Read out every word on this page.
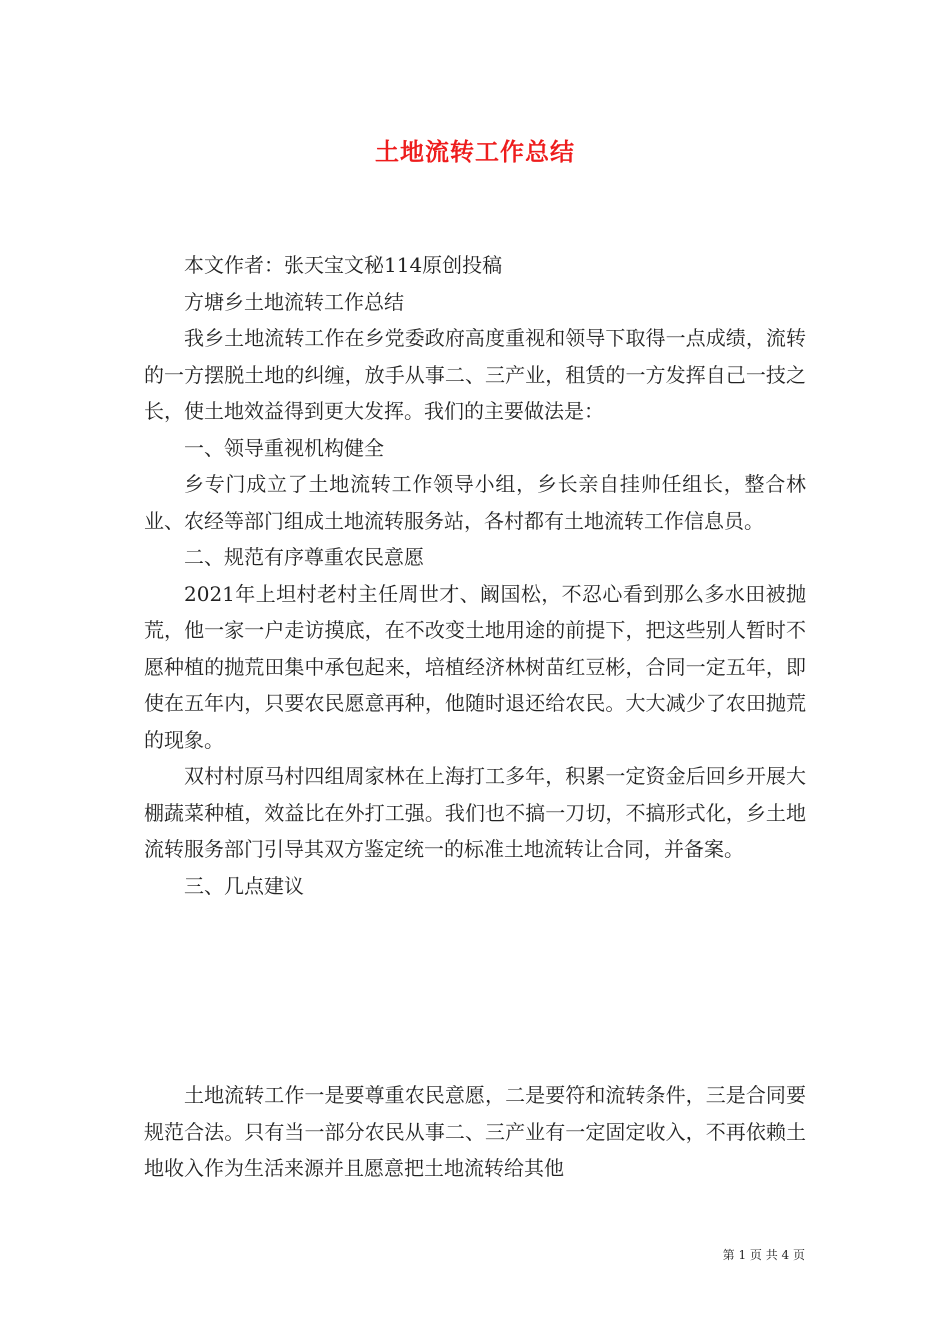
土地流转工作总结

本文作者：张天宝文秘114原创投稿

方塘乡土地流转工作总结

我乡土地流转工作在乡党委政府高度重视和领导下取得一点成绩，流转的一方摆脱土地的纠缠，放手从事二、三产业，租赁的一方发挥自己一技之长，使土地效益得到更大发挥。我们的主要做法是：

一、领导重视机构健全

乡专门成立了土地流转工作领导小组，乡长亲自挂帅任组长，整合林业、农经等部门组成土地流转服务站，各村都有土地流转工作信息员。

二、规范有序尊重农民意愿

2021年上坦村老村主任周世才、阚国松，不忍心看到那么多水田被抛荒，他一家一户走访摸底，在不改变土地用途的前提下，把这些别人暂时不愿种植的抛荒田集中承包起来，培植经济林树苗红豆彬，合同一定五年，即使在五年内，只要农民愿意再种，他随时退还给农民。大大减少了农田抛荒的现象。

双村村原马村四组周家林在上海打工多年，积累一定资金后回乡开展大棚蔬菜种植，效益比在外打工强。我们也不搞一刀切，不搞形式化，乡土地流转服务部门引导其双方鉴定统一的标准土地流转让合同，并备案。

三、几点建议

土地流转工作一是要尊重农民意愿，二是要符和流转条件，三是合同要规范合法。只有当一部分农民从事二、三产业有一定固定收入，不再依赖土地收入作为生活来源并且愿意把土地流转给其他

第 1 页 共 4 页
